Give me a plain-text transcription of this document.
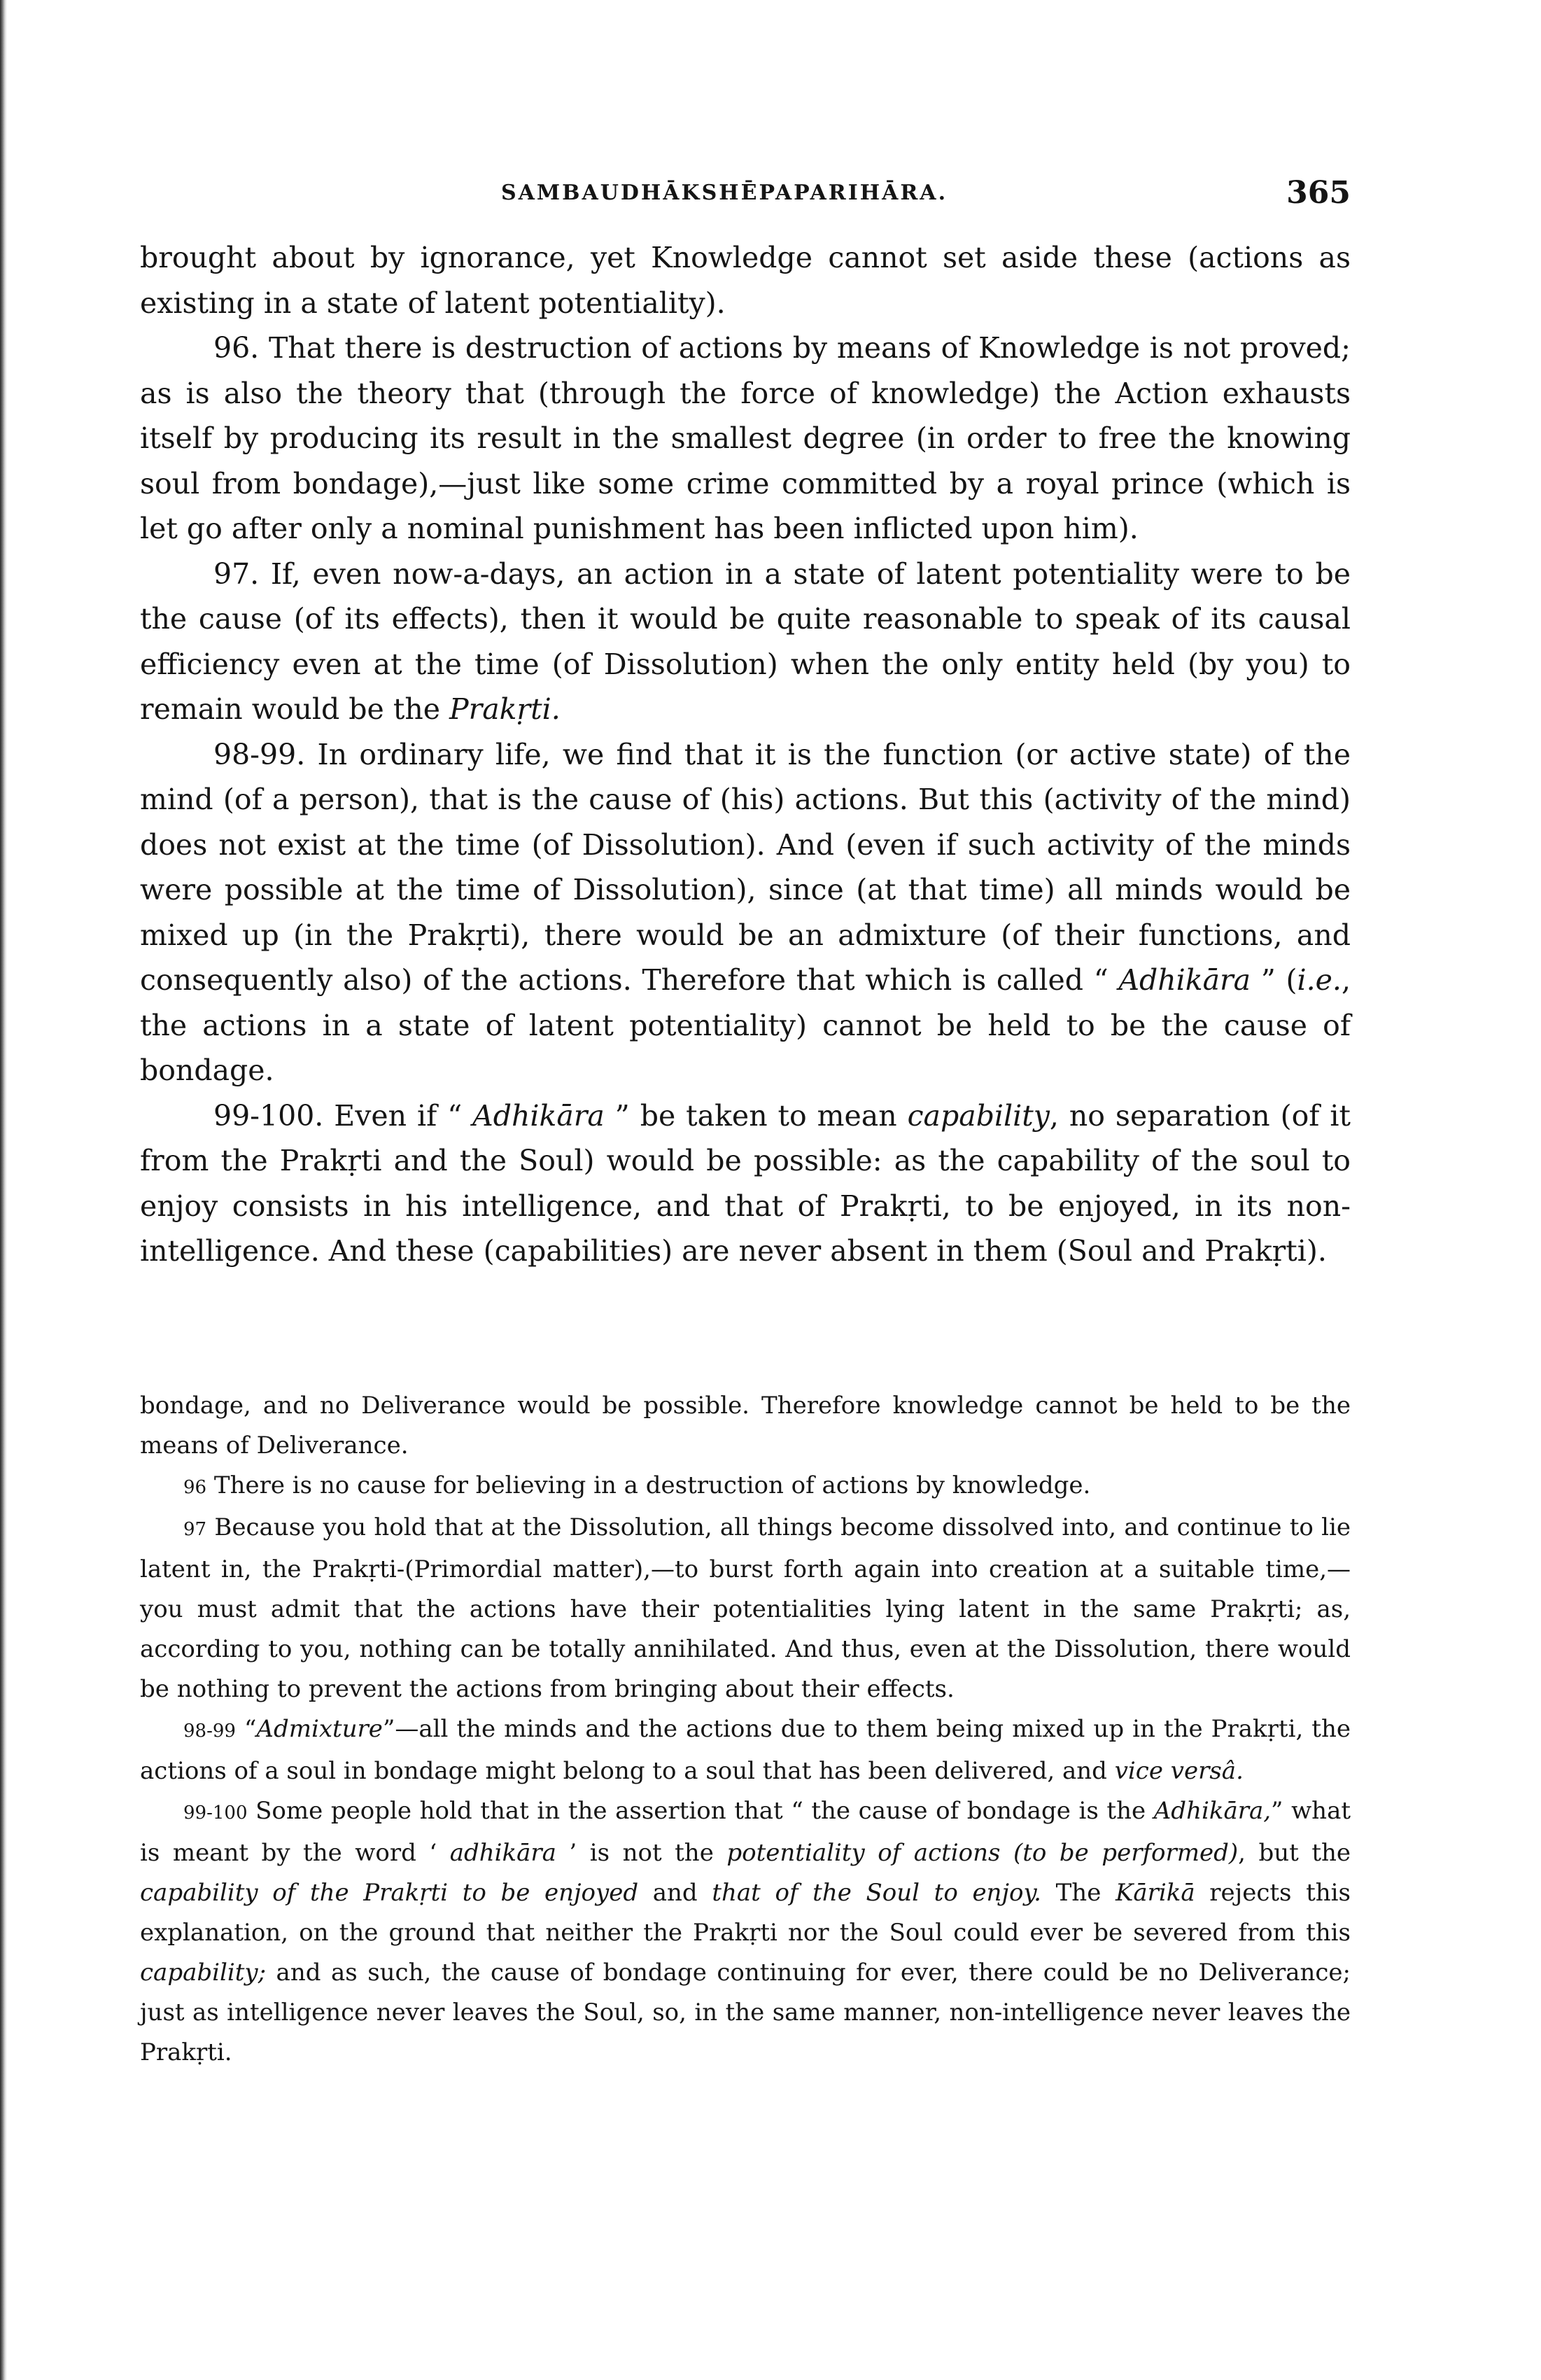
SAMBAUDHĀKSHĒPAPARIHĀRA.	365

brought about by ignorance, yet Knowledge cannot set aside these (actions as existing in a state of latent potentiality).

96. That there is destruction of actions by means of Knowledge is not proved; as is also the theory that (through the force of knowledge) the Action exhausts itself by producing its result in the smallest degree (in order to free the knowing soul from bondage),—just like some crime committed by a royal prince (which is let go after only a nominal punishment has been inflicted upon him).

97. If, even now-a-days, an action in a state of latent potentiality were to be the cause (of its effects), then it would be quite reasonable to speak of its causal efficiency even at the time (of Dissolution) when the only entity held (by you) to remain would be the Prakṛti.

98-99. In ordinary life, we find that it is the function (or active state) of the mind (of a person), that is the cause of (his) actions. But this (activity of the mind) does not exist at the time (of Dissolution). And (even if such activity of the minds were possible at the time of Dissolution), since (at that time) all minds would be mixed up (in the Prakṛti), there would be an admixture (of their functions, and consequently also) of the actions. Therefore that which is called “ Adhikāra ” (i.e., the actions in a state of latent potentiality) cannot be held to be the cause of bondage.

99-100. Even if “ Adhikāra ” be taken to mean capability, no separation (of it from the Prakṛti and the Soul) would be possible: as the capability of the soul to enjoy consists in his intelligence, and that of Prakṛti, to be enjoyed, in its non-intelligence. And these (capabilities) are never absent in them (Soul and Prakṛti).

bondage, and no Deliverance would be possible. Therefore knowledge cannot be held to be the means of Deliverance.

96 There is no cause for believing in a destruction of actions by knowledge.

97 Because you hold that at the Dissolution, all things become dissolved into, and continue to lie latent in, the Prakṛti-(Primordial matter),—to burst forth again into creation at a suitable time,—you must admit that the actions have their potentialities lying latent in the same Prakṛti; as, according to you, nothing can be totally annihilated. And thus, even at the Dissolution, there would be nothing to prevent the actions from bringing about their effects.

98-99 “Admixture”—all the minds and the actions due to them being mixed up in the Prakṛti, the actions of a soul in bondage might belong to a soul that has been delivered, and vice versâ.

99-100 Some people hold that in the assertion that “ the cause of bondage is the Adhikāra,” what is meant by the word ‘ adhikāra ’ is not the potentiality of actions (to be performed), but the capability of the Prakṛti to be enjoyed and that of the Soul to enjoy. The Kārikā rejects this explanation, on the ground that neither the Prakṛti nor the Soul could ever be severed from this capability; and as such, the cause of bondage continuing for ever, there could be no Deliverance; just as intelligence never leaves the Soul, so, in the same manner, non-intelligence never leaves the Prakṛti.
